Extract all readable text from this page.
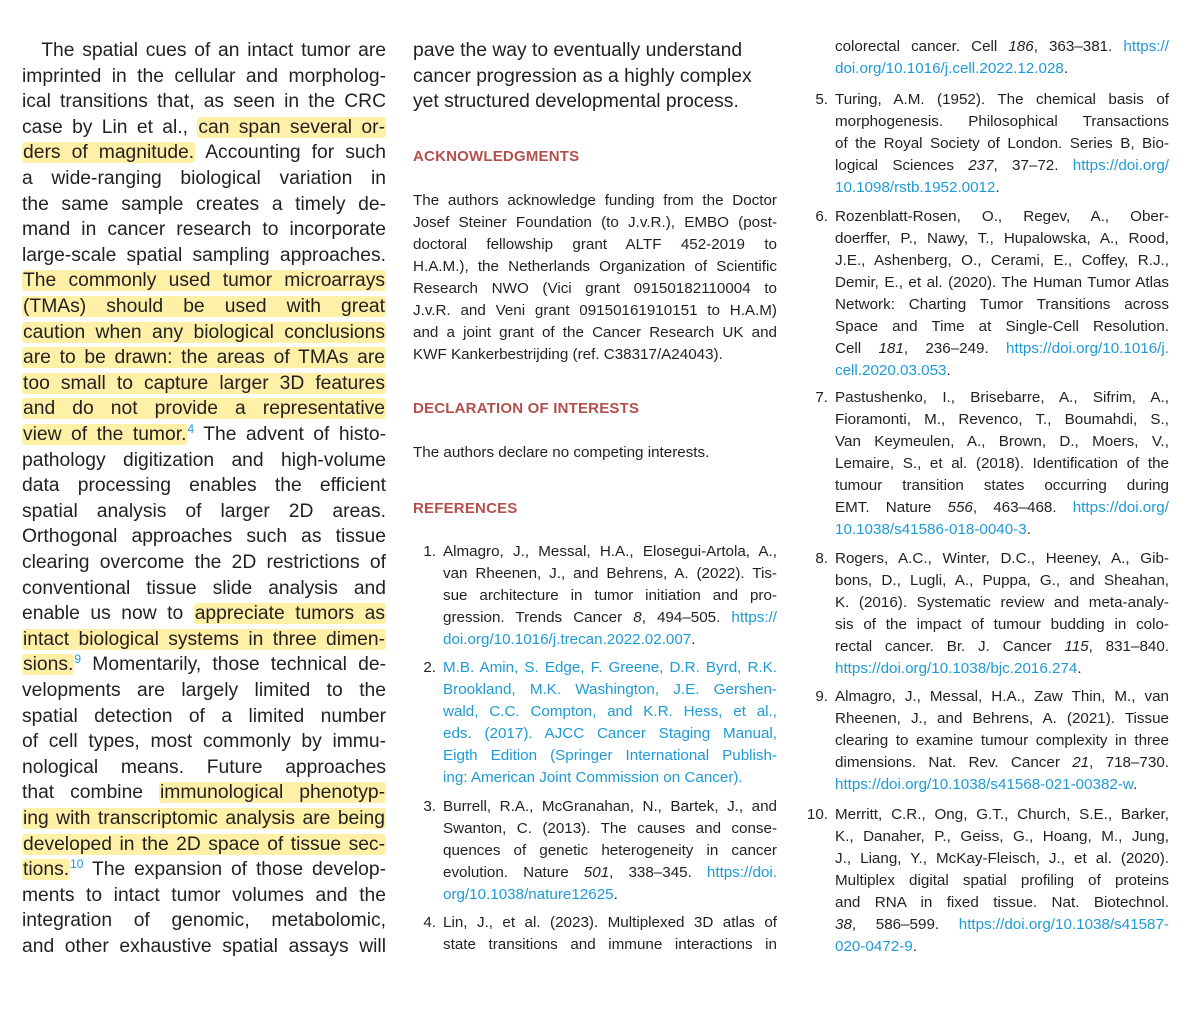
 The spatial cues of an intact tumor are
imprinted in the cellular and morpholog-
ical transitions that, as seen in the CRC
case by Lin et al., can span several or-
ders of magnitude. Accounting for such
a wide-ranging biological variation in
the same sample creates a timely de-
mand in cancer research to incorporate
large-scale spatial sampling approaches.
The commonly used tumor microarrays
(TMAs) should be used with great
caution when any biological conclusions
are to be drawn: the areas of TMAs are
too small to capture larger 3D features
and do not provide a representative
view of the tumor.$^4$ The advent of histo-
pathology digitization and high-volume
data processing enables the efficient
spatial analysis of larger 2D areas.
Orthogonal approaches such as tissue
clearing overcome the 2D restrictions of
conventional tissue slide analysis and
enable us now to appreciate tumors as
intact biological systems in three dimen-
sions.$^9$ Momentarily, those technical de-
velopments are largely limited to the
spatial detection of a limited number
of cell types, most commonly by immu-
nological means. Future approaches
that combine immunological phenotyp-
ing with transcriptomic analysis are being
developed in the 2D space of tissue sec-
tions.$^{10}$ The expansion of those develop-
ments to intact tumor volumes and the
integration of genomic, metabolomic,
and other exhaustive spatial assays will
pave the way to eventually understand
cancer progression as a highly complex
yet structured developmental process.
ACKNOWLEDGMENTS
The authors acknowledge funding from the Doctor
Josef Steiner Foundation (to J.v.R.), EMBO (post-
doctoral fellowship grant ALTF 452-2019 to
H.A.M.), the Netherlands Organization of Scientific
Research NWO (Vici grant 09150182110004 to
J.v.R. and Veni grant 09150161910151 to H.A.M)
and a joint grant of the Cancer Research UK and
KWF Kankerbestrijding (ref. C38317/A24043).
DECLARATION OF INTERESTS
The authors declare no competing interests.
REFERENCES
1. Almagro, J., Messal, H.A., Elosegui-Artola, A.,
van Rheenen, J., and Behrens, A. (2022). Tis-
sue architecture in tumor initiation and pro-
gression. Trends Cancer 8, 494–505. https://
doi.org/10.1016/j.trecan.2022.02.007.
2. M.B. Amin, S. Edge, F. Greene, D.R. Byrd, R.K.
Brookland, M.K. Washington, J.E. Gershen-
wald, C.C. Compton, and K.R. Hess, et al.,
eds. (2017). AJCC Cancer Staging Manual,
Eigth Edition (Springer International Publish-
ing: American Joint Commission on Cancer).
3. Burrell, R.A., McGranahan, N., Bartek, J., and
Swanton, C. (2013). The causes and conse-
quences of genetic heterogeneity in cancer
evolution. Nature 501, 338–345. https://doi.
org/10.1038/nature12625.
4. Lin, J., et al. (2023). Multiplexed 3D atlas of
state transitions and immune interactions in
colorectal cancer. Cell 186, 363–381. https://
doi.org/10.1016/j.cell.2022.12.028.
5. Turing, A.M. (1952). The chemical basis of
morphogenesis. Philosophical Transactions
of the Royal Society of London. Series B, Bio-
logical Sciences 237, 37–72. https://doi.org/
10.1098/rstb.1952.0012.
6. Rozenblatt-Rosen, O., Regev, A., Ober-
doerffer, P., Nawy, T., Hupalowska, A., Rood,
J.E., Ashenberg, O., Cerami, E., Coffey, R.J.,
Demir, E., et al. (2020). The Human Tumor Atlas
Network: Charting Tumor Transitions across
Space and Time at Single-Cell Resolution.
Cell 181, 236–249. https://doi.org/10.1016/j.
cell.2020.03.053.
7. Pastushenko, I., Brisebarre, A., Sifrim, A.,
Fioramonti, M., Revenco, T., Boumahdi, S.,
Van Keymeulen, A., Brown, D., Moers, V.,
Lemaire, S., et al. (2018). Identification of the
tumour transition states occurring during
EMT. Nature 556, 463–468. https://doi.org/
10.1038/s41586-018-0040-3.
8. Rogers, A.C., Winter, D.C., Heeney, A., Gib-
bons, D., Lugli, A., Puppa, G., and Sheahan,
K. (2016). Systematic review and meta-analy-
sis of the impact of tumour budding in colo-
rectal cancer. Br. J. Cancer 115, 831–840.
https://doi.org/10.1038/bjc.2016.274.
9. Almagro, J., Messal, H.A., Zaw Thin, M., van
Rheenen, J., and Behrens, A. (2021). Tissue
clearing to examine tumour complexity in three
dimensions. Nat. Rev. Cancer 21, 718–730.
https://doi.org/10.1038/s41568-021-00382-w.
10. Merritt, C.R., Ong, G.T., Church, S.E., Barker,
K., Danaher, P., Geiss, G., Hoang, M., Jung,
J., Liang, Y., McKay-Fleisch, J., et al. (2020).
Multiplex digital spatial profiling of proteins
and RNA in fixed tissue. Nat. Biotechnol.
38, 586–599. https://doi.org/10.1038/s41587-
020-0472-9.
